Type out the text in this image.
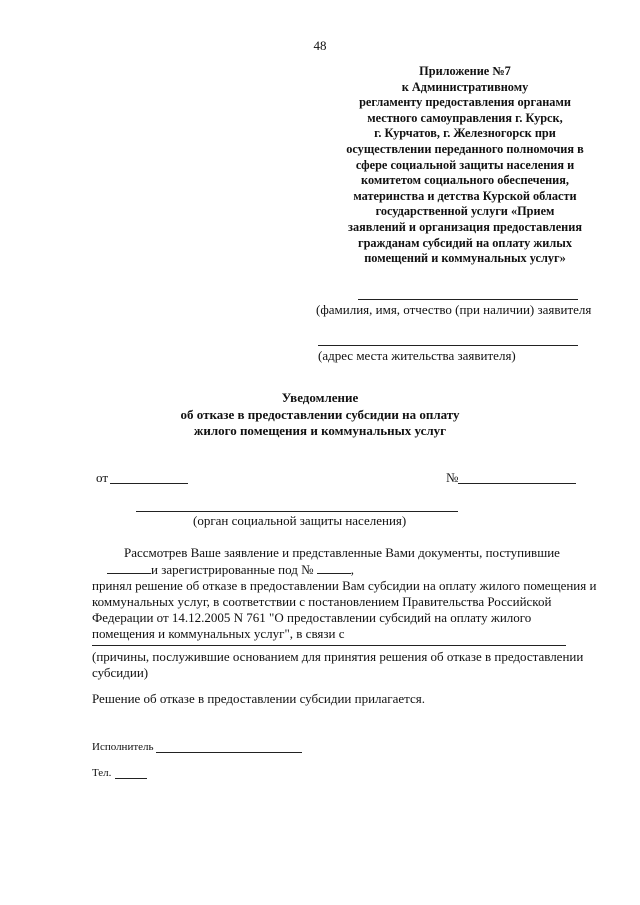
48
Приложение №7
к Административному
регламенту предоставления органами
местного самоуправления г. Курск,
г. Курчатов, г. Железногорск при
осуществлении переданного полномочия в
сфере социальной защиты населения и
комитетом социального обеспечения,
материнства и детства Курской области
государственной услуги «Прием
заявлений и организация предоставления
гражданам субсидий на оплату жилых
помещений и коммунальных услуг»
(фамилия, имя, отчество (при наличии) заявителя
(адрес места жительства заявителя)
Уведомление
об отказе в предоставлении субсидии на оплату
жилого помещения и коммунальных услуг
от	№
(орган социальной защиты населения)
Рассмотрев Ваше заявление и представленные Вами документы, поступившие
и зарегистрированные под №	,
принял решение об отказе в предоставлении Вам субсидии на оплату жилого помещения и
коммунальных услуг, в соответствии с постановлением Правительства Российской
Федерации от 14.12.2005 N 761 "О предоставлении субсидий на оплату жилого
помещения и коммунальных услуг", в связи с
(причины, послужившие основанием для принятия решения об отказе в предоставлении
субсидии)
Решение об отказе в предоставлении субсидии прилагается.
Исполнитель
Тел.
